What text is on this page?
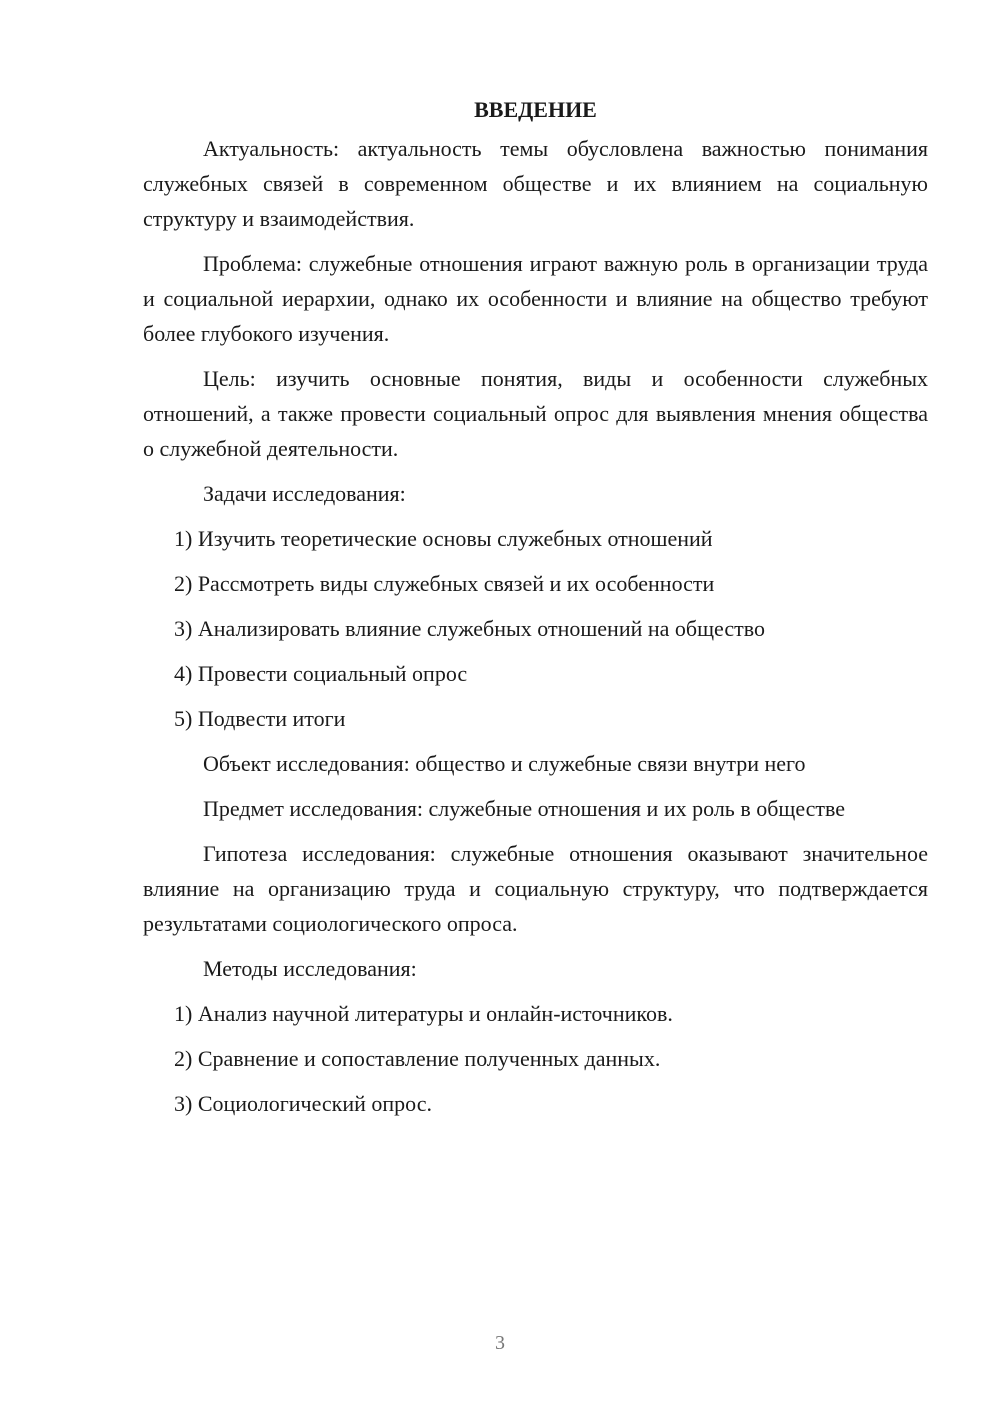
ВВЕДЕНИЕ

Актуальность: актуальность темы обусловлена важностью понимания служебных связей в современном обществе и их влиянием на социальную структуру и взаимодействия.

Проблема: служебные отношения играют важную роль в организации труда и социальной иерархии, однако их особенности и влияние на общество требуют более глубокого изучения.

Цель: изучить основные понятия, виды и особенности служебных отношений, а также провести социальный опрос для выявления мнения общества о служебной деятельности.

Задачи исследования:
1) Изучить теоретические основы служебных отношений
2) Рассмотреть виды служебных связей и их особенности
3) Анализировать влияние служебных отношений на общество
4) Провести социальный опрос
5) Подвести итоги
Объект исследования: общество и служебные связи внутри него
Предмет исследования: служебные отношения и их роль в обществе

Гипотеза исследования: служебные отношения оказывают значительное влияние на организацию труда и социальную структуру, что подтверждается результатами социологического опроса.

Методы исследования:
1) Анализ научной литературы и онлайн-источников.
2) Сравнение и сопоставление полученных данных.
3) Социологический опрос.
3
